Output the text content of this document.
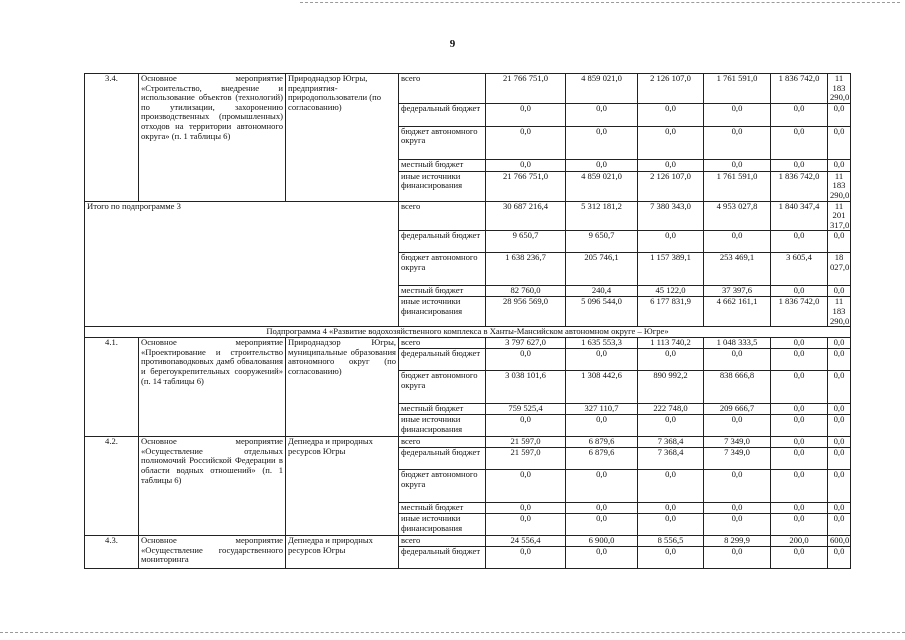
9
3.4.	Основное мероприятие «Строительство, внедрение и использование объектов (технологий) по утилизации, захоронению производственных (промышленных) отходов на территории автономного округа» (п. 1 таблицы 6)	Природнадзор Югры, предприятия-природопользователи (по согласованию)	всего	21 766 751,0	4 859 021,0	2 126 107,0	1 761 591,0	1 836 742,0	11 183 290,0
			федеральный бюджет	0,0	0,0	0,0	0,0	0,0	0,0
			бюджет автономного округа	0,0	0,0	0,0	0,0	0,0	0,0
			местный бюджет	0,0	0,0	0,0	0,0	0,0	0,0
			иные источники финансирования	21 766 751,0	4 859 021,0	2 126 107,0	1 761 591,0	1 836 742,0	11 183 290,0

Итого по подпрограмме 3			всего	30 687 216,4	5 312 181,2	7 380 343,0	4 953 027,8	1 840 347,4	11 201 317,0
			федеральный бюджет	9 650,7	9 650,7	0,0	0,0	0,0	0,0
			бюджет автономного округа	1 638 236,7	205 746,1	1 157 389,1	253 469,1	3 605,4	18 027,0
			местный бюджет	82 760,0	240,4	45 122,0	37 397,6	0,0	0,0
			иные источники финансирования	28 956 569,0	5 096 544,0	6 177 831,9	4 662 161,1	1 836 742,0	11 183 290,0
Подпрограмма 4 «Развитие водохозяйственного комплекса в Ханты-Мансийском автономном округе – Югре»									
4.1.	Основное мероприятие «Проектирование и строительство противопаводковых дамб обвалования и берегоукрепительных сооружений» (п. 14 таблицы 6)	Природнадзор Югры, муниципальные образования автономного округ (по согласованию)	всего	3 797 627,0	1 635 553,3	1 113 740,2	1 048 333,5	0,0	0,0
			федеральный бюджет	0,0	0,0	0,0	0,0	0,0	0,0
			бюджет автономного округа	3 038 101,6	1 308 442,6	890 992,2	838 666,8	0,0	0,0
			местный бюджет	759 525,4	327 110,7	222 748,0	209 666,7	0,0	0,0
			иные источники финансирования	0,0	0,0	0,0	0,0	0,0	0,0
4.2.	Основное мероприятие «Осуществление отдельных полномочий Российской Федерации в области водных отношений» (п. 1 таблицы 6)	Депнедра и природных ресурсов Югры	всего	21 597,0	6 879,6	7 368,4	7 349,0	0,0	0,0
			федеральный бюджет	21 597,0	6 879,6	7 368,4	7 349,0	0,0	0,0
			бюджет автономного округа	0,0	0,0	0,0	0,0	0,0	0,0
			местный бюджет	0,0	0,0	0,0	0,0	0,0	0,0
			иные источники финансирования	0,0	0,0	0,0	0,0	0,0	0,0
4.3.	Основное мероприятие «Осуществление государственного мониторинга	Депнедра и природных ресурсов Югры	всего	24 556,4	6 900,0	8 556,5	8 299,9	200,0	600,0
			федеральный бюджет	0,0	0,0	0,0	0,0	0,0	0,0
